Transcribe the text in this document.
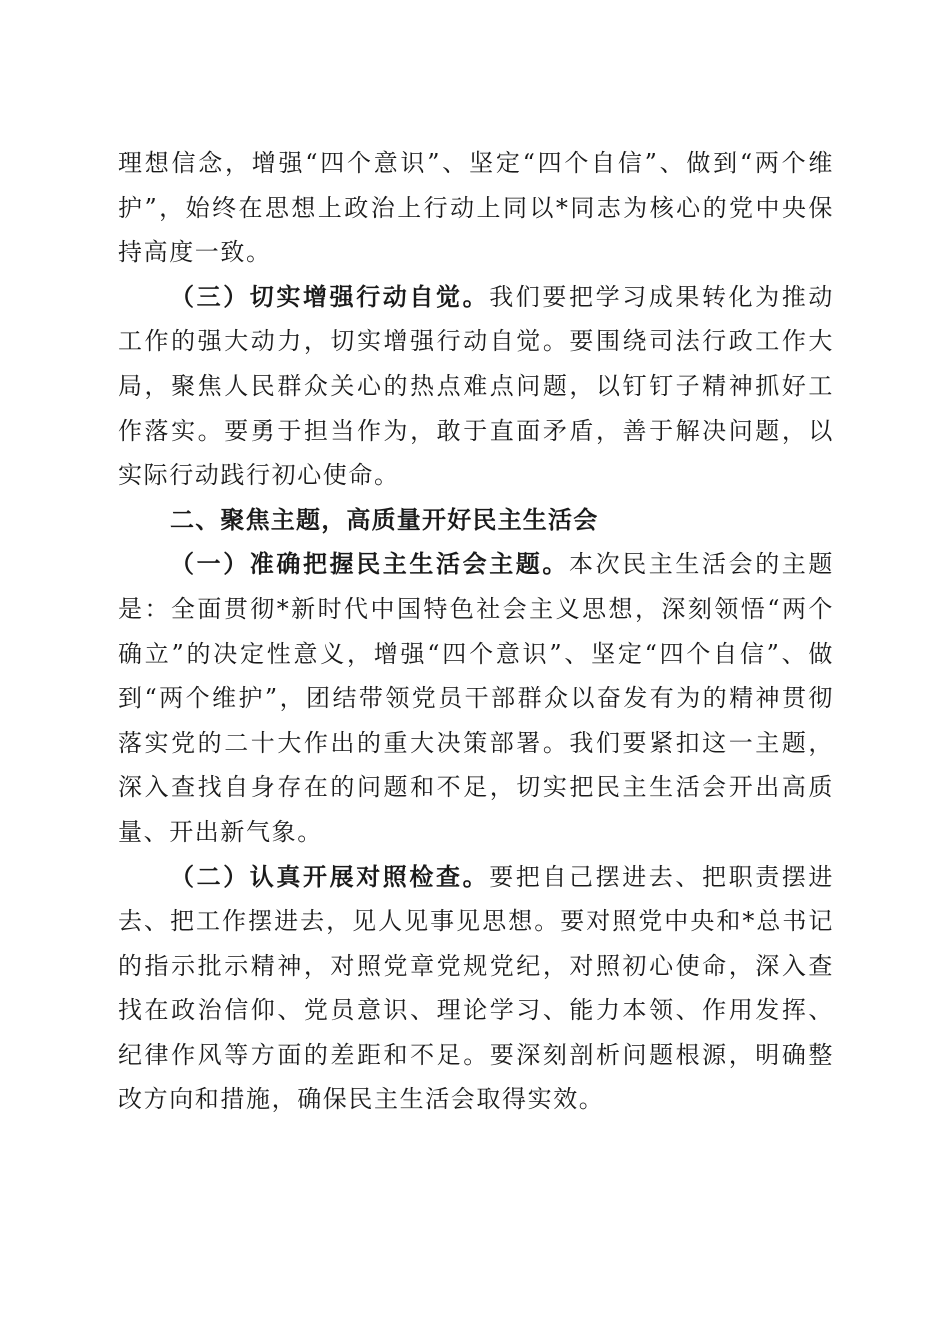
理想信念，增强“四个意识”、坚定“四个自信”、做到“两个维护”，始终在思想上政治上行动上同以*同志为核心的党中央保持高度一致。

（三）切实增强行动自觉。我们要把学习成果转化为推动工作的强大动力，切实增强行动自觉。要围绕司法行政工作大局，聚焦人民群众关心的热点难点问题，以钉钉子精神抓好工作落实。要勇于担当作为，敢于直面矛盾，善于解决问题，以实际行动践行初心使命。

二、聚焦主题，高质量开好民主生活会

（一）准确把握民主生活会主题。本次民主生活会的主题是：全面贯彻*新时代中国特色社会主义思想，深刻领悟“两个确立”的决定性意义，增强“四个意识”、坚定“四个自信”、做到“两个维护”，团结带领党员干部群众以奋发有为的精神贯彻落实党的二十大作出的重大决策部署。我们要紧扣这一主题，深入查找自身存在的问题和不足，切实把民主生活会开出高质量、开出新气象。

（二）认真开展对照检查。要把自己摆进去、把职责摆进去、把工作摆进去，见人见事见思想。要对照党中央和*总书记的指示批示精神，对照党章党规党纪，对照初心使命，深入查找在政治信仰、党员意识、理论学习、能力本领、作用发挥、纪律作风等方面的差距和不足。要深刻剖析问题根源，明确整改方向和措施，确保民主生活会取得实效。
